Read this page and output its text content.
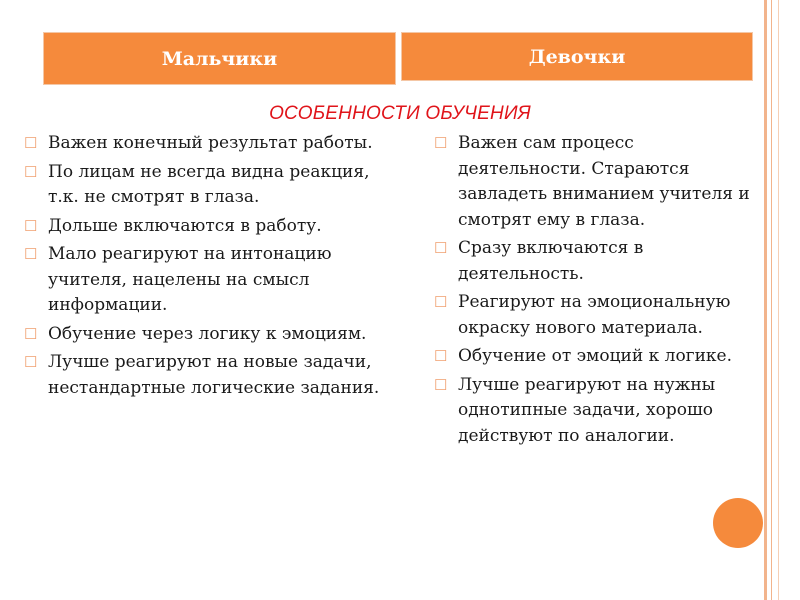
Мальчики	Девочки
ОСОБЕННОСТИ ОБУЧЕНИЯ
☐ Важен конечный результат работы.
☐ По лицам не всегда видна реакция, т.к. не смотрят в глаза.
☐ Дольше включаются в работу.
☐ Мало реагируют на интонацию учителя, нацелены на смысл информации.
☐ Обучение через логику к эмоциям.
☐ Лучше реагируют на новые задачи, нестандартные логические задания.
☐ Важен сам процесс деятельности. Стараются завладеть вниманием учителя и смотрят ему в глаза.
☐ Сразу включаются в деятельность.
☐ Реагируют на эмоциональную окраску нового материала.
☐ Обучение от эмоций к логике.
☐ Лучше реагируют на нужны однотипные задачи, хорошо действуют по аналогии.
